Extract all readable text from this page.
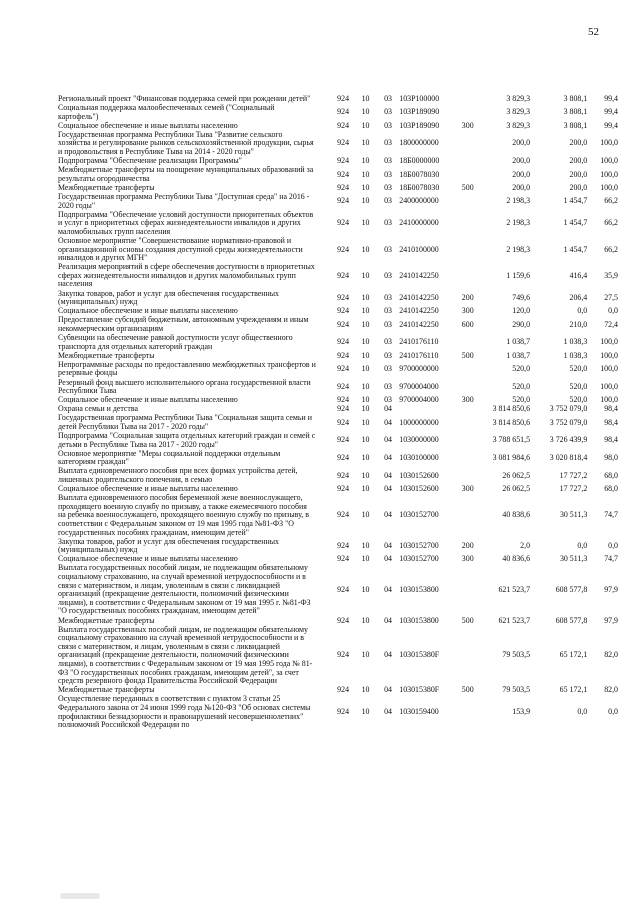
52
Региональный проект "Финансовая поддержка семей при рождении детей"	924	10	03	103P100000		3 829,3	3 808,1	99,4
Социальная поддержка малообеспеченных семей ("Социальный картофель")	924	10	03	103P189090		3 829,3	3 808,1	99,4
Социальное обеспечение и иные выплаты населению	924	10	03	103P189090	300	3 829,3	3 808,1	99,4
Государственная программа Республики Тыва "Развитие сельского хозяйства и регулирование рынков сельскохозяйственной продукции, сырья и продовольствия в Республике Тыва на 2014 - 2020 годы"	924	10	03	1800000000		200,0	200,0	100,0
Подпрограмма "Обеспечение реализации Программы"	924	10	03	18Б0000000		200,0	200,0	100,0
Межбюджетные трансферты на поощрение муниципальных образований за результаты огородничества	924	10	03	18Б0078030		200,0	200,0	100,0
Межбюджетные трансферты	924	10	03	18Б0078030	500	200,0	200,0	100,0
Государственная программа Республики Тыва "Доступная среда" на 2016 - 2020 годы"	924	10	03	2400000000		2 198,3	1 454,7	66,2
Подпрограмма "Обеспечение условий доступности приоритетных объектов и услуг в приоритетных сферах жизнедеятельности инвалидов и других маломобильных групп населения	924	10	03	2410000000		2 198,3	1 454,7	66,2
Основное мероприятие "Совершенствование нормативно-правовой и организационной основы создания доступной среды жизнедеятельности инвалидов и других МГН"	924	10	03	2410100000		2 198,3	1 454,7	66,2
Реализация мероприятий в сфере обеспечения доступности в приоритетных сферах жизнедеятельности инвалидов и других маломобильных групп населения	924	10	03	2410142250		1 159,6	416,4	35,9
Закупка товаров, работ и услуг для обеспечения государственных (муниципальных) нужд	924	10	03	2410142250	200	749,6	206,4	27,5
Социальное обеспечение и иные выплаты населению	924	10	03	2410142250	300	120,0	0,0	0,0
Предоставление субсидий бюджетным, автономным учреждениям и иным некоммерческим организациям	924	10	03	2410142250	600	290,0	210,0	72,4
Субвенции на обеспечение равной доступности услуг общественного транспорта для отдельных категорий граждан	924	10	03	2410176110		1 038,7	1 038,3	100,0
Межбюджетные трансферты	924	10	03	2410176110	500	1 038,7	1 038,3	100,0
Непрограммные расходы по предоставлению межбюджетных трансфертов и резервные фонды	924	10	03	9700000000		520,0	520,0	100,0
Резервный фонд высшего исполнительного органа государственной власти Республики Тыва	924	10	03	9700004000		520,0	520,0	100,0
Социальное обеспечение и иные выплаты населению	924	10	03	9700004000	300	520,0	520,0	100,0
Охрана семьи и детства	924	10	04			3 814 850,6	3 752 079,0	98,4
Государственная программа Республики Тыва "Социальная защита семьи и детей Республики Тыва на 2017 - 2020 годы"	924	10	04	1000000000		3 814 850,6	3 752 079,0	98,4
Подпрограмма "Социальная защита отдельных категорий граждан и семей с детьми в Республике Тыва на 2017 - 2020 годы"	924	10	04	1030000000		3 788 651,5	3 726 439,9	98,4
Основное мероприятие "Меры социальной поддержки отдельным категориям граждан"	924	10	04	1030100000		3 081 984,6	3 020 818,4	98,0
Выплата единовременного пособия при всех формах устройства детей, лишенных родительского попечения, в семью	924	10	04	1030152600		26 062,5	17 727,2	68,0
Социальное обеспечение и иные выплаты населению	924	10	04	1030152600	300	26 062,5	17 727,2	68,0
Выплата единовременного пособия беременной жене военнослужащего, проходящего военную службу по призыву, а также ежемесячного пособия на ребенка военнослужащего, проходящего военную службу по призыву, в соответствии с Федеральным законом от 19 мая 1995 года №81-ФЗ "О государственных пособиях гражданам, имеющим детей"	924	10	04	1030152700		40 838,6	30 511,3	74,7
Закупка товаров, работ и услуг для обеспечения государственных (муниципальных) нужд	924	10	04	1030152700	200	2,0	0,0	0,0
Социальное обеспечение и иные выплаты населению	924	10	04	1030152700	300	40 836,6	30 511,3	74,7
Выплата государственных пособий лицам, не подлежащим обязательному социальному страхованию, на случай временной нетрудоспособности и в связи с материнством, и лицам, уволенным в связи с ликвидацией организаций (прекращение деятельности, полномочий физическими лицами), в соответствии с Федеральным законом от 19 мая 1995 г. №81-ФЗ "О государственных пособиях гражданам, имеющим детей"	924	10	04	1030153800		621 523,7	608 577,8	97,9
Межбюджетные трансферты	924	10	04	1030153800	500	621 523,7	608 577,8	97,9
Выплата государственных пособий лицам, не подлежащим обязательному социальному страхованию на случай временной нетрудоспособности и в связи с материнством, и лицам, уволенным в связи с ликвидацией организаций (прекращение деятельности, полномочий физическими лицами), в соответствии с Федеральным законом от 19 мая 1995 года № 81-ФЗ "О государственных пособиях гражданам, имеющим детей", за счет средств резервного фонда Правительства Российской Федерации	924	10	04	103015380F		79 503,5	65 172,1	82,0
Межбюджетные трансферты	924	10	04	103015380F	500	79 503,5	65 172,1	82,0
Осуществление переданных в соответствии с пунктом 3 статьи 25 Федерального закона от 24 июня 1999 года №120-ФЗ "Об основах системы профилактики безнадзорности и правонарушений несовершеннолетних" полномочий Российской Федерации по	924	10	04	1030159400		153,9	0,0	0,0
